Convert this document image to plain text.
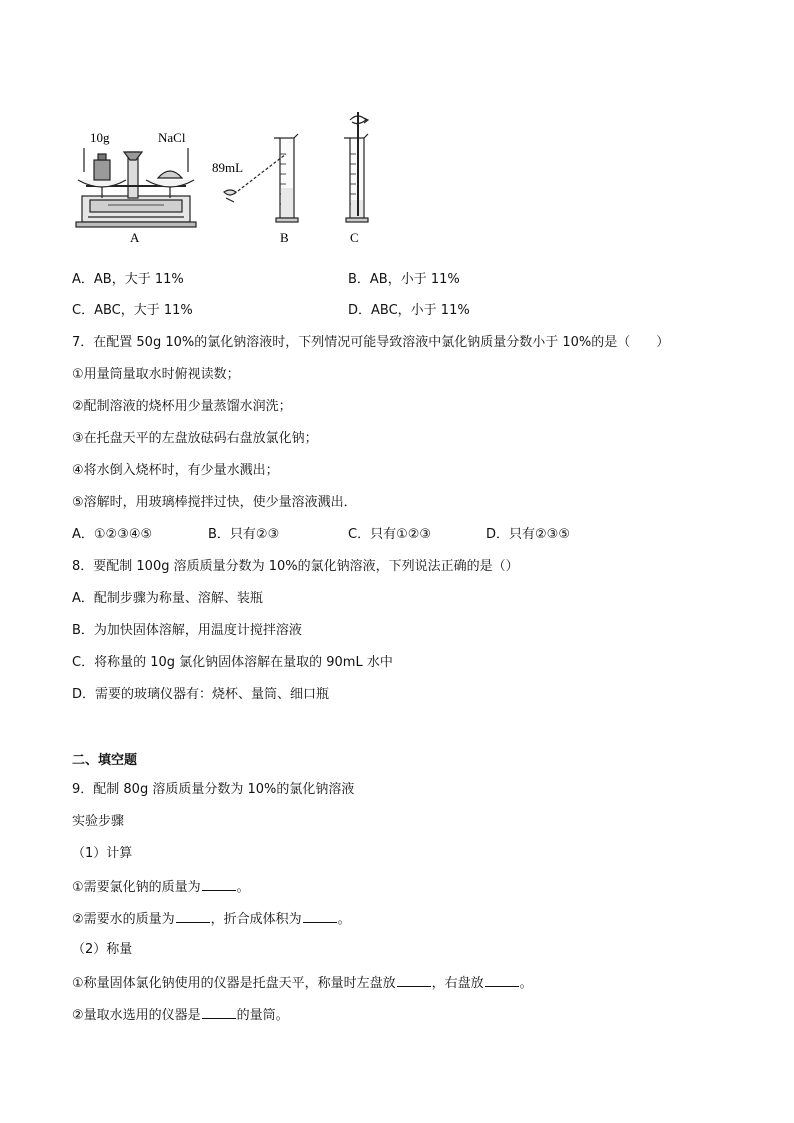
10g	NaCl
A
89mL
B	C
A．AB，大于 11%	B．AB，小于 11%
C．ABC，大于 11%	D．ABC，小于 11%
7．在配置 50g 10%的氯化钠溶液时，下列情况可能导致溶液中氯化钠质量分数小于 10%的是（　　）
①用量筒量取水时俯视读数；
②配制溶液的烧杯用少量蒸馏水润洗；
③在托盘天平的左盘放砝码右盘放氯化钠；
④将水倒入烧杯时，有少量水溅出；
⑤溶解时，用玻璃棒搅拌过快，使少量溶液溅出．
A．①②③④⑤	B．只有②③	C．只有①②③	D．只有②③⑤
8．要配制 100g 溶质质量分数为 10%的氯化钠溶液，下列说法正确的是（）
A．配制步骤为称量、溶解、装瓶
B．为加快固体溶解，用温度计搅拌溶液
C．将称量的 10g 氯化钠固体溶解在量取的 90mL 水中
D．需要的玻璃仪器有：烧杯、量筒、细口瓶
二、填空题
9．配制 80g 溶质质量分数为 10%的氯化钠溶液
实验步骤
（1）计算
①需要氯化钠的质量为	。
②需要水的质量为	，折合成体积为	。
（2）称量
①称量固体氯化钠使用的仪器是托盘天平，称量时左盘放	，右盘放	。
②量取水选用的仪器是	的量筒。
